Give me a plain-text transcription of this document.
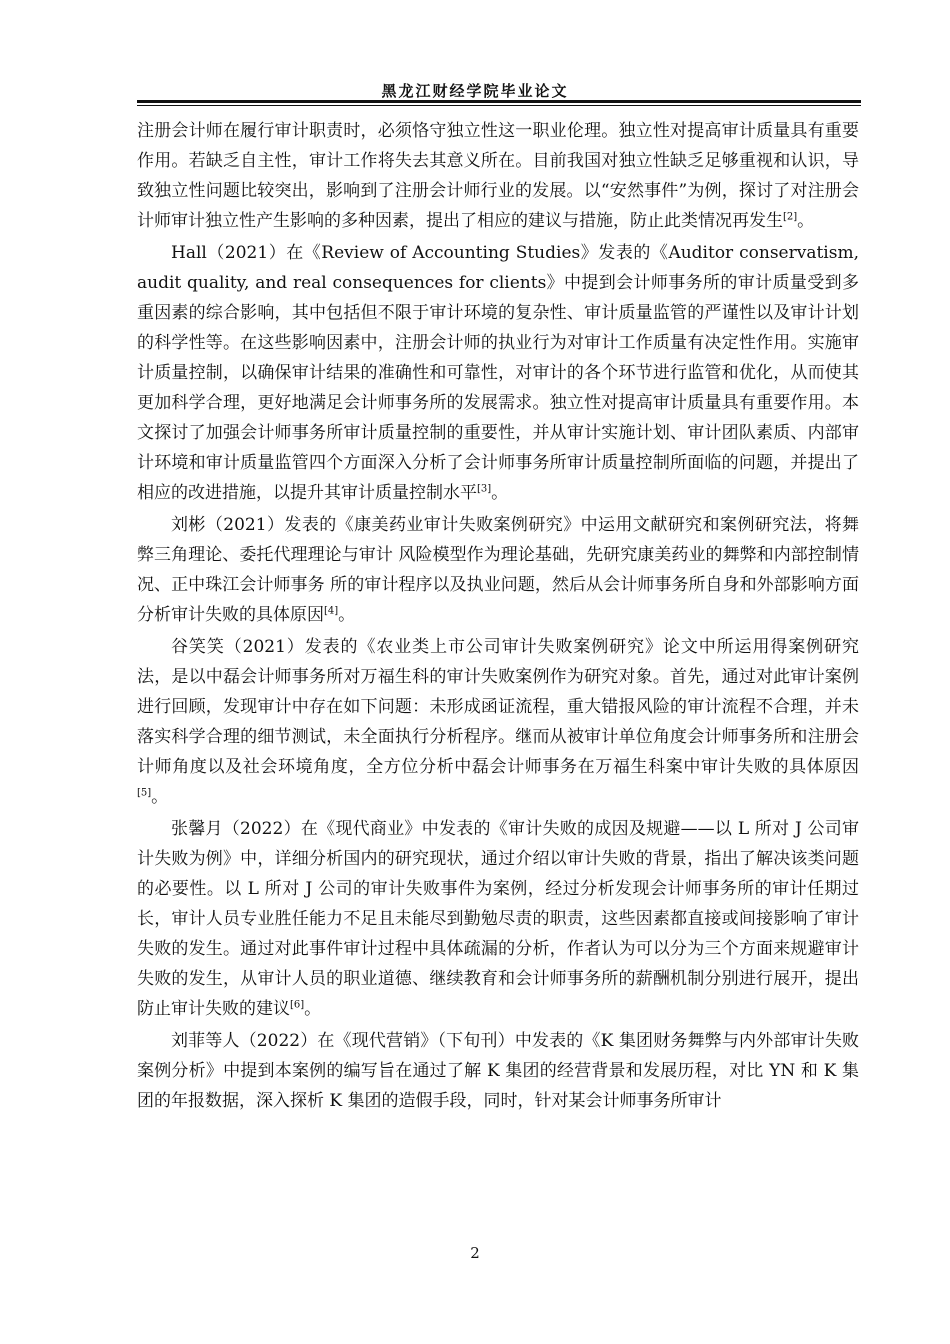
黑龙江财经学院毕业论文

注册会计师在履行审计职责时，必须恪守独立性这一职业伦理。独立性对提高审计质量具有重要作用。若缺乏自主性，审计工作将失去其意义所在。目前我国对独立性缺乏足够重视和认识，导致独立性问题比较突出，影响到了注册会计师行业的发展。以“安然事件”为例，探讨了对注册会计师审计独立性产生影响的多种因素，提出了相应的建议与措施，防止此类情况再发生[2]。

Hall（2021）在《Review of Accounting Studies》发表的《Auditor conservatism, audit quality, and real consequences for clients》中提到会计师事务所的审计质量受到多重因素的综合影响，其中包括但不限于审计环境的复杂性、审计质量监管的严谨性以及审计计划的科学性等。在这些影响因素中，注册会计师的执业行为对审计工作质量有决定性作用。实施审计质量控制，以确保审计结果的准确性和可靠性，对审计的各个环节进行监管和优化，从而使其更加科学合理，更好地满足会计师事务所的发展需求。独立性对提高审计质量具有重要作用。本文探讨了加强会计师事务所审计质量控制的重要性，并从审计实施计划、审计团队素质、内部审计环境和审计质量监管四个方面深入分析了会计师事务所审计质量控制所面临的问题，并提出了相应的改进措施，以提升其审计质量控制水平[3]。

刘彬（2021）发表的《康美药业审计失败案例研究》中运用文献研究和案例研究法，将舞弊三角理论、委托代理理论与审计 风险模型作为理论基础，先研究康美药业的舞弊和内部控制情况、正中珠江会计师事务 所的审计程序以及执业问题，然后从会计师事务所自身和外部影响方面分析审计失败的具体原因[4]。

谷笑笑（2021）发表的《农业类上市公司审计失败案例研究》论文中所运用得案例研究法，是以中磊会计师事务所对万福生科的审计失败案例作为研究对象。首先，通过对此审计案例进行回顾，发现审计中存在如下问题：未形成函证流程，重大错报风险的审计流程不合理，并未落实科学合理的细节测试，未全面执行分析程序。继而从被审计单位角度会计师事务所和注册会计师角度以及社会环境角度，全方位分析中磊会计师事务在万福生科案中审计失败的具体原因[5]。

张馨月（2022）在《现代商业》中发表的《审计失败的成因及规避——以 L 所对 J 公司审计失败为例》中，详细分析国内的研究现状，通过介绍以审计失败的背景，指出了解决该类问题的必要性。以 L 所对 J 公司的审计失败事件为案例，经过分析发现会计师事务所的审计任期过长，审计人员专业胜任能力不足且未能尽到勤勉尽责的职责，这些因素都直接或间接影响了审计失败的发生。通过对此事件审计过程中具体疏漏的分析，作者认为可以分为三个方面来规避审计失败的发生，从审计人员的职业道德、继续教育和会计师事务所的薪酬机制分别进行展开，提出防止审计失败的建议[6]。

刘菲等人（2022）在《现代营销》（下旬刊）中发表的《K 集团财务舞弊与内外部审计失败案例分析》中提到本案例的编写旨在通过了解 K 集团的经营背景和发展历程，对比 YN 和 K 集团的年报数据，深入探析 K 集团的造假手段，同时，针对某会计师事务所审计

2
